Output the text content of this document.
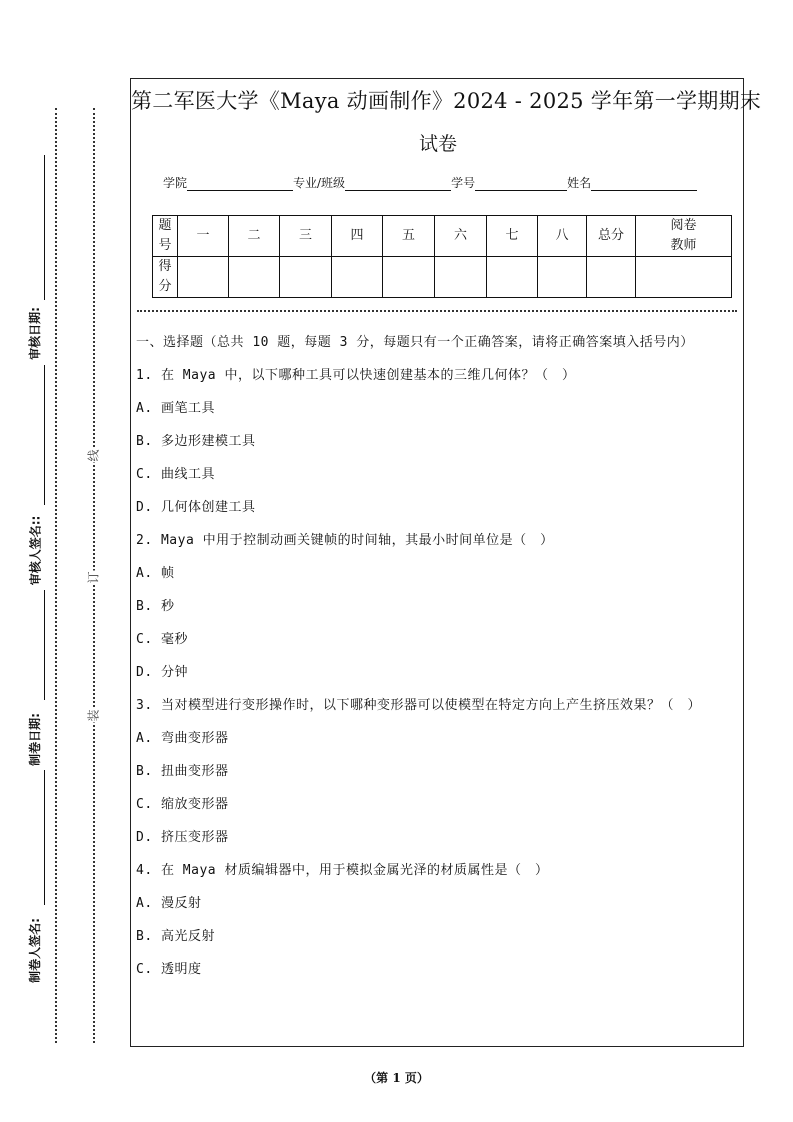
审核日期:
审核人签名::
制卷日期:
制卷人签名:
线
订
装
第二军医大学《Maya 动画制作》2024 - 2025 学年第一学期期末
试卷
学院	专业/班级	学号	姓名
题号	一	二	三	四	五	六	七	八	总分	阅卷教师
得分										
一、选择题（总共 10 题，每题 3 分，每题只有一个正确答案，请将正确答案填入括号内）
1. 在 Maya 中，以下哪种工具可以快速创建基本的三维几何体？（　）
A. 画笔工具
B. 多边形建模工具
C. 曲线工具
D. 几何体创建工具
2. Maya 中用于控制动画关键帧的时间轴，其最小时间单位是（　）
A. 帧
B. 秒
C. 毫秒
D. 分钟
3. 当对模型进行变形操作时，以下哪种变形器可以使模型在特定方向上产生挤压效果？（　）
A. 弯曲变形器
B. 扭曲变形器
C. 缩放变形器
D. 挤压变形器
4. 在 Maya 材质编辑器中，用于模拟金属光泽的材质属性是（　）
A. 漫反射
B. 高光反射
C. 透明度
（第 1 页）
